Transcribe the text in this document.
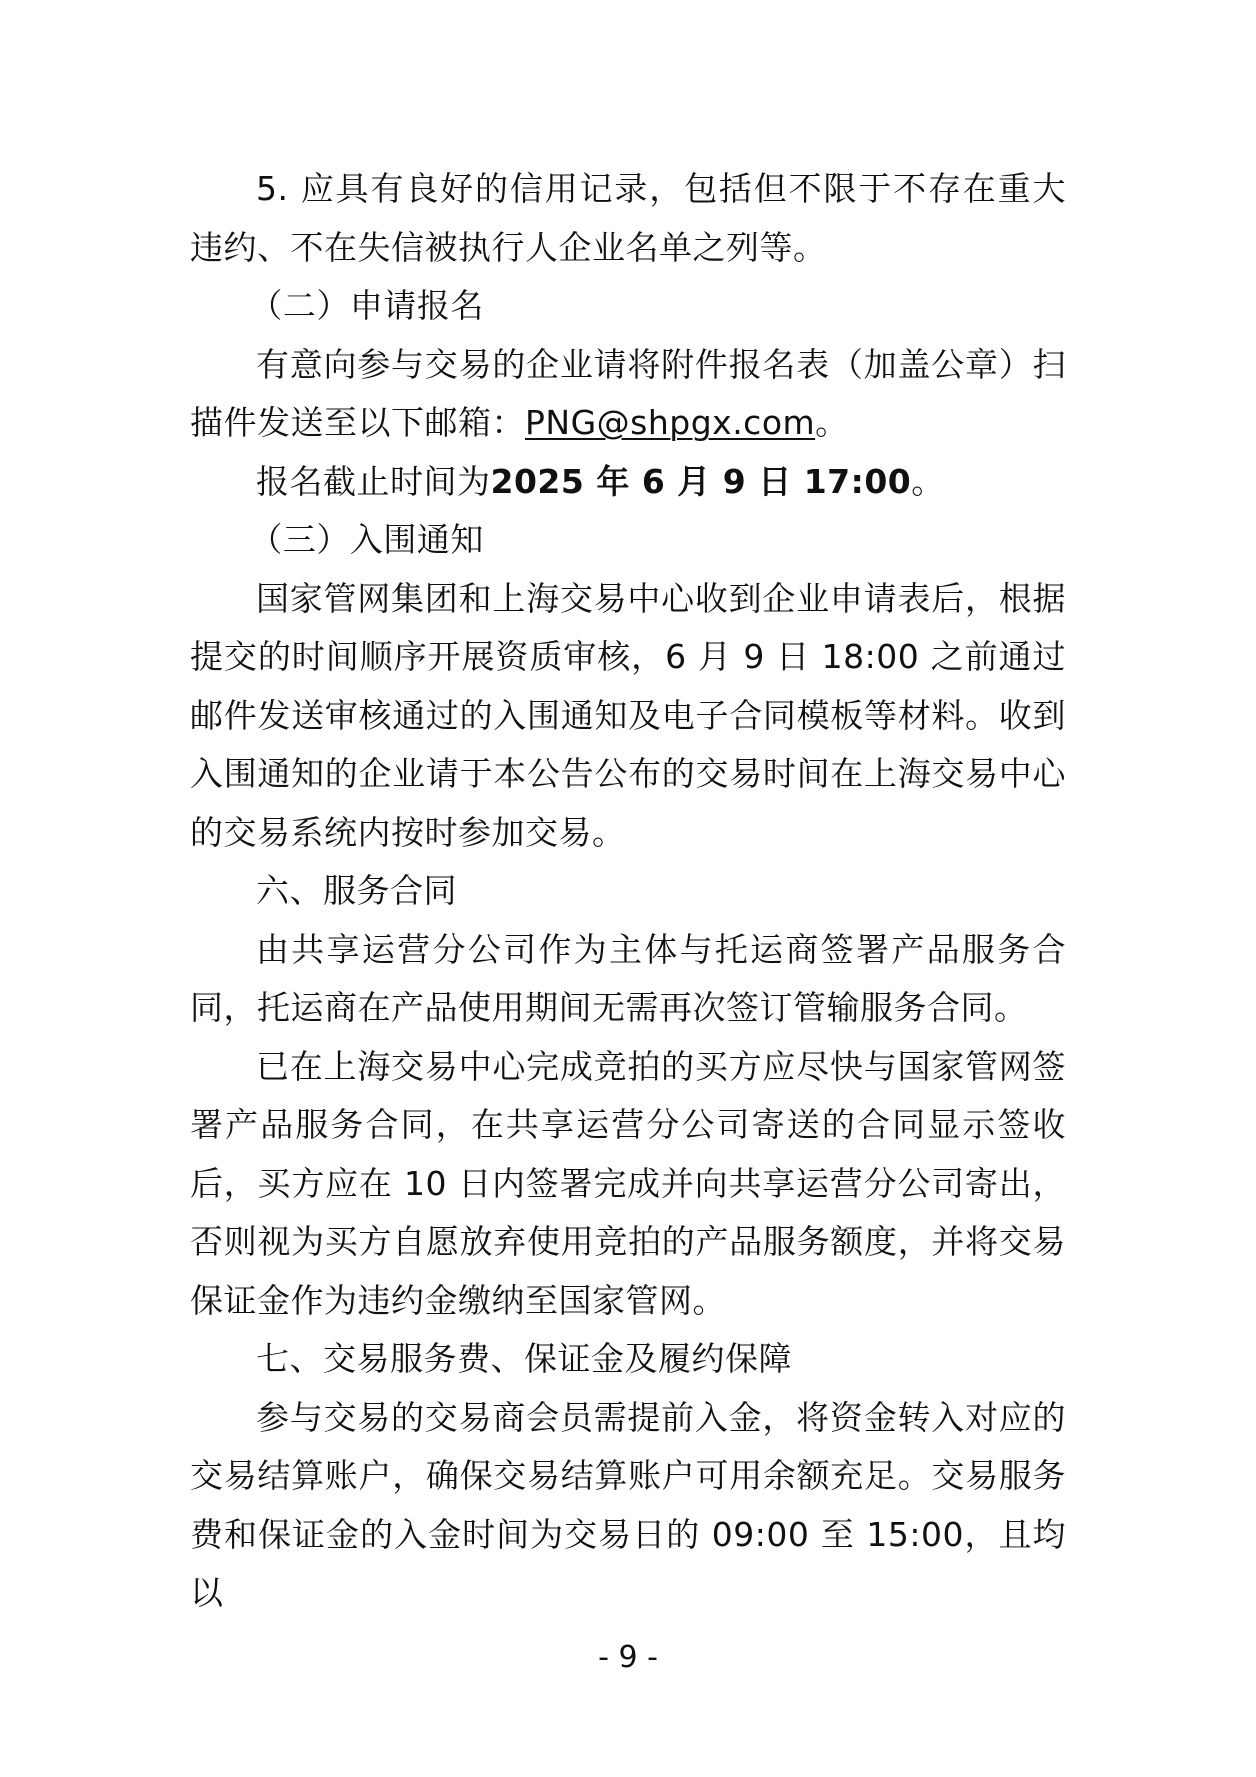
5. 应具有良好的信用记录，包括但不限于不存在重大违约、不在失信被执行人企业名单之列等。

（二）申请报名

有意向参与交易的企业请将附件报名表（加盖公章）扫描件发送至以下邮箱：PNG@shpgx.com。

报名截止时间为2025 年 6 月 9 日 17:00。

（三）入围通知

国家管网集团和上海交易中心收到企业申请表后，根据提交的时间顺序开展资质审核，6 月 9 日 18:00 之前通过邮件发送审核通过的入围通知及电子合同模板等材料。收到入围通知的企业请于本公告公布的交易时间在上海交易中心的交易系统内按时参加交易。

六、服务合同

由共享运营分公司作为主体与托运商签署产品服务合同，托运商在产品使用期间无需再次签订管输服务合同。

已在上海交易中心完成竞拍的买方应尽快与国家管网签署产品服务合同，在共享运营分公司寄送的合同显示签收后，买方应在 10 日内签署完成并向共享运营分公司寄出，否则视为买方自愿放弃使用竞拍的产品服务额度，并将交易保证金作为违约金缴纳至国家管网。

七、交易服务费、保证金及履约保障

参与交易的交易商会员需提前入金，将资金转入对应的交易结算账户，确保交易结算账户可用余额充足。交易服务费和保证金的入金时间为交易日的 09:00 至 15:00，且均以

- 9 -
